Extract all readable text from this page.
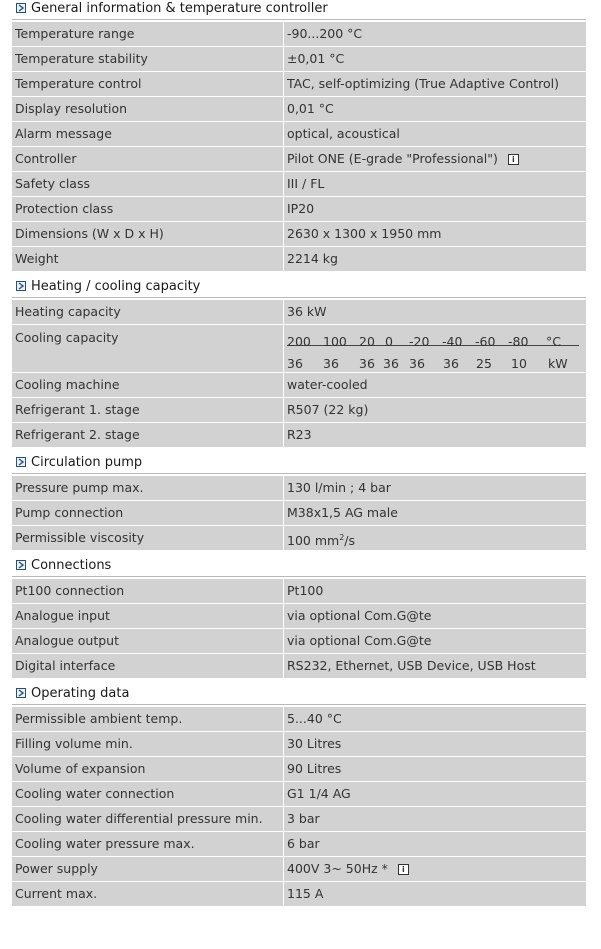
General information & temperature controller
Temperature range	-90...200 °C
Temperature stability	±0,01 °C
Temperature control	TAC, self-optimizing (True Adaptive Control)
Display resolution	0,01 °C
Alarm message	optical, acoustical
Controller	Pilot ONE (E-grade "Professional") i
Safety class	III / FL
Protection class	IP20
Dimensions (W x D x H)	2630 x 1300 x 1950 mm
Weight	2214 kg
Heating / cooling capacity
Heating capacity	36 kW
Cooling capacity	200 100 20 0 -20 -40 -60 -80 °C
36 36 36 36 36 36 25 10 kW
Cooling machine	water-cooled
Refrigerant 1. stage	R507 (22 kg)
Refrigerant 2. stage	R23
Circulation pump
Pressure pump max.	130 l/min ; 4 bar
Pump connection	M38x1,5 AG male
Permissible viscosity	100 $mm^2/s$
Connections
Pt100 connection	Pt100
Analogue input	via optional Com.G@te
Analogue output	via optional Com.G@te
Digital interface	RS232, Ethernet, USB Device, USB Host
Operating data
Permissible ambient temp.	5...40 °C
Filling volume min.	30 Litres
Volume of expansion	90 Litres
Cooling water connection	G1 1/4 AG
Cooling water differential pressure min.	3 bar
Cooling water pressure max.	6 bar
Power supply	400V 3~ 50Hz * i
Current max.	115 A
